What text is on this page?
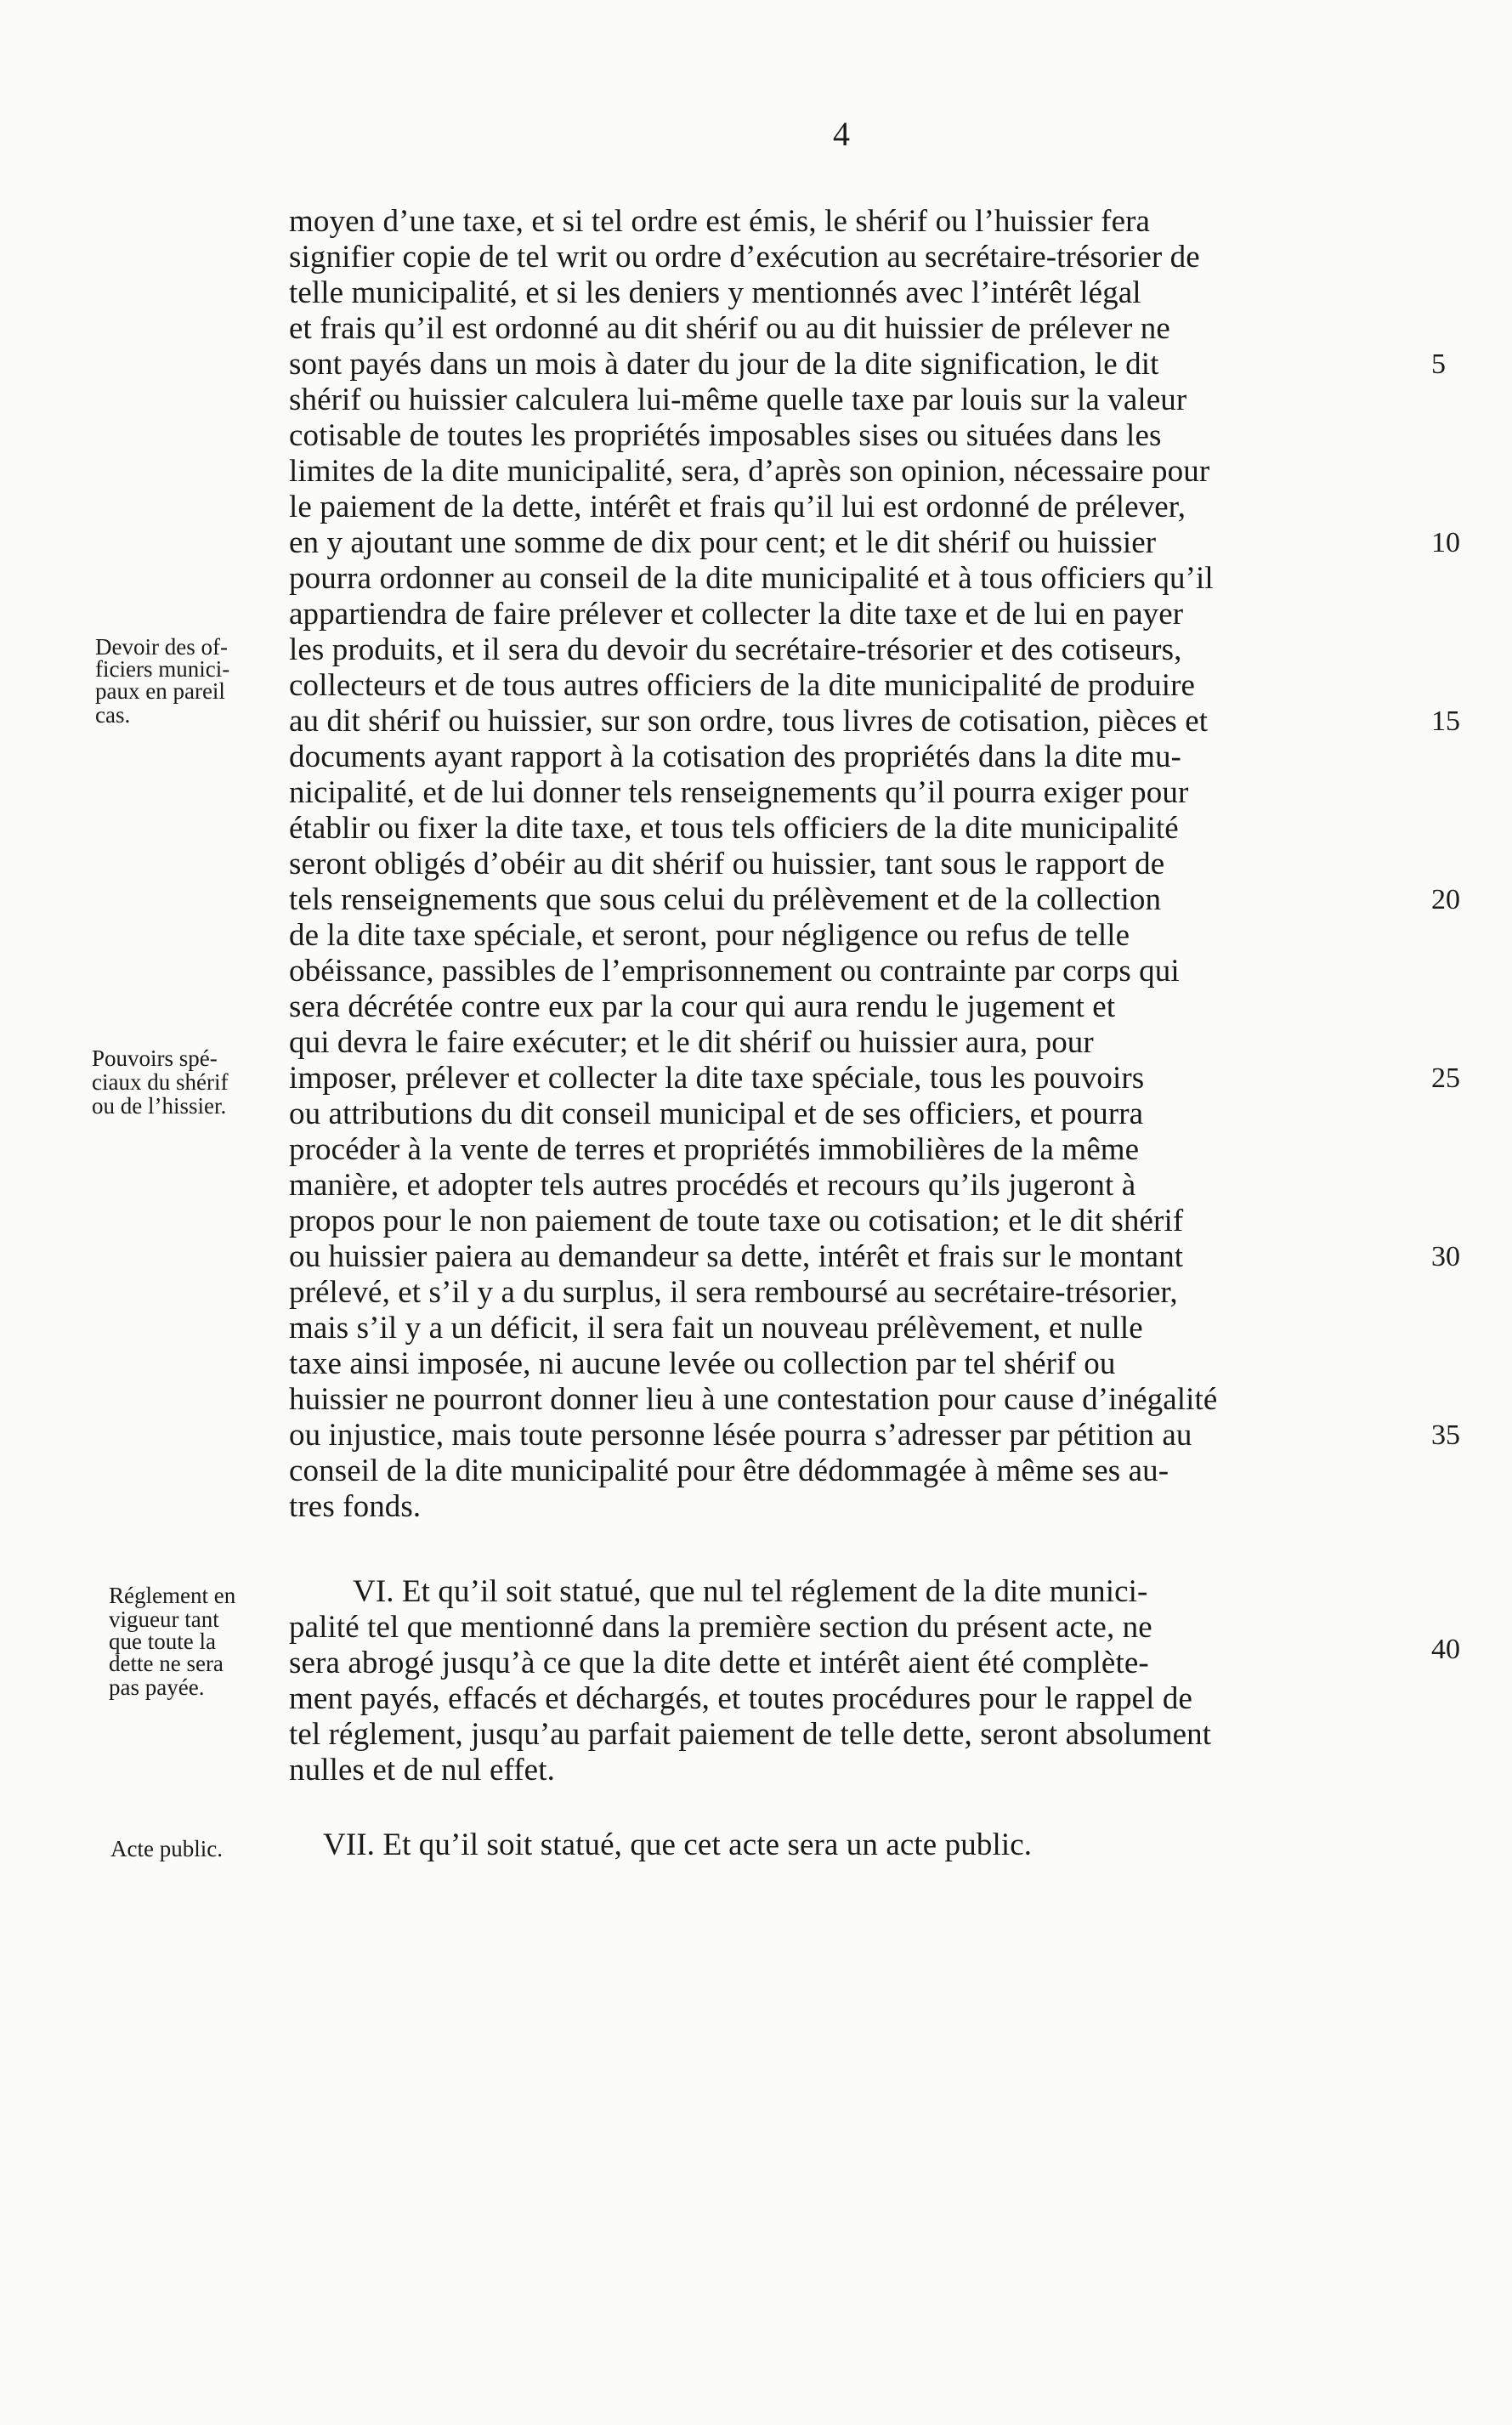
4
moyen d’une taxe, et si tel ordre est émis, le shérif ou l’huissier fera
signifier copie de tel writ ou ordre d’exécution au secrétaire-trésorier de
telle municipalité, et si les deniers y mentionnés avec l’intérêt légal
et frais qu’il est ordonné au dit shérif ou au dit huissier de prélever ne
sont payés dans un mois à dater du jour de la dite signification, le dit
shérif ou huissier calculera lui-même quelle taxe par louis sur la valeur
cotisable de toutes les propriétés imposables sises ou situées dans les
limites de la dite municipalité, sera, d’après son opinion, nécessaire pour
le paiement de la dette, intérêt et frais qu’il lui est ordonné de prélever,
en y ajoutant une somme de dix pour cent; et le dit shérif ou huissier
pourra ordonner au conseil de la dite municipalité et à tous officiers qu’il
appartiendra de faire prélever et collecter la dite taxe et de lui en payer
les produits, et il sera du devoir du secrétaire-trésorier et des cotiseurs,
collecteurs et de tous autres officiers de la dite municipalité de produire
au dit shérif ou huissier, sur son ordre, tous livres de cotisation, pièces et
documents ayant rapport à la cotisation des propriétés dans la dite mu-
nicipalité, et de lui donner tels renseignements qu’il pourra exiger pour
établir ou fixer la dite taxe, et tous tels officiers de la dite municipalité
seront obligés d’obéir au dit shérif ou huissier, tant sous le rapport de
tels renseignements que sous celui du prélèvement et de la collection
de la dite taxe spéciale, et seront, pour négligence ou refus de telle
obéissance, passibles de l’emprisonnement ou contrainte par corps qui
sera décrétée contre eux par la cour qui aura rendu le jugement et
qui devra le faire exécuter; et le dit shérif ou huissier aura, pour
imposer, prélever et collecter la dite taxe spéciale, tous les pouvoirs
ou attributions du dit conseil municipal et de ses officiers, et pourra
procéder à la vente de terres et propriétés immobilières de la même
manière, et adopter tels autres procédés et recours qu’ils jugeront à
propos pour le non paiement de toute taxe ou cotisation; et le dit shérif
ou huissier paiera au demandeur sa dette, intérêt et frais sur le montant
prélevé, et s’il y a du surplus, il sera remboursé au secrétaire-trésorier,
mais s’il y a un déficit, il sera fait un nouveau prélèvement, et nulle
taxe ainsi imposée, ni aucune levée ou collection par tel shérif ou
huissier ne pourront donner lieu à une contestation pour cause d’inégalité
ou injustice, mais toute personne lésée pourra s’adresser par pétition au
conseil de la dite municipalité pour être dédommagée à même ses au-
tres fonds.
VI. Et qu’il soit statué, que nul tel réglement de la dite munici-
palité tel que mentionné dans la première section du présent acte, ne
sera abrogé jusqu’à ce que la dite dette et intérêt aient été complète-
ment payés, effacés et déchargés, et toutes procédures pour le rappel de
tel réglement, jusqu’au parfait paiement de telle dette, seront absolument
nulles et de nul effet.
VII. Et qu’il soit statué, que cet acte sera un acte public.
5
10
15
20
25
30
35
40
Devoir des of-
ficiers munici-
paux en pareil
cas.
Pouvoirs spé-
ciaux du shérif
ou de l’hissier.
Réglement en
vigueur tant
que toute la
dette ne sera
pas payée.
Acte public.
